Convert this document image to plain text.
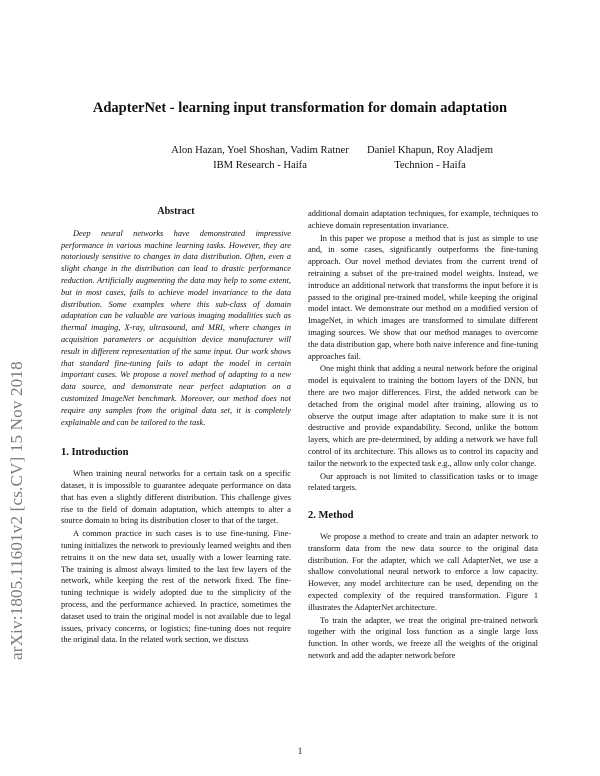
arXiv:1805.11601v2 [cs.CV] 15 Nov 2018
AdapterNet - learning input transformation for domain adaptation
Alon Hazan, Yoel Shoshan, Vadim Ratner
IBM Research - Haifa
Daniel Khapun, Roy Aladjem
Technion - Haifa
Abstract

Deep neural networks have demonstrated impressive performance in various machine learning tasks. However, they are notoriously sensitive to changes in data distribution. Often, even a slight change in the distribution can lead to drastic performance reduction. Artificially augmenting the data may help to some extent, but in most cases, fails to achieve model invariance to the data distribution. Some examples where this sub-class of domain adaptation can be valuable are various imaging modalities such as thermal imaging, X-ray, ultrasound, and MRI, where changes in acquisition parameters or acquisition device manufacturer will result in different representation of the same input. Our work shows that standard fine-tuning fails to adapt the model in certain important cases. We propose a novel method of adapting to a new data source, and demonstrate near perfect adaptation on a customized ImageNet benchmark. Moreover, our method does not require any samples from the original data set, it is completely explainable and can be tailored to the task.

1. Introduction

When training neural networks for a certain task on a specific dataset, it is impossible to guarantee adequate performance on data that has even a slightly different distribution. This challenge gives rise to the field of domain adaptation, which attempts to alter a source domain to bring its distribution closer to that of the target.

A common practice in such cases is to use fine-tuning. Fine-tuning initializes the network to previously learned weights and then retrains it on the new data set, usually with a lower learning rate. The training is almost always limited to the last few layers of the network, while keeping the rest of the network fixed. The fine-tuning technique is widely adopted due to the simplicity of the process, and the performance achieved. In practice, sometimes the dataset used to train the original model is not available due to legal issues, privacy concerns, or logistics; fine-tuning does not require the original data. In the related work section, we discuss

additional domain adaptation techniques, for example, techniques to achieve domain representation invariance.

In this paper we propose a method that is just as simple to use and, in some cases, significantly outperforms the fine-tuning approach. Our novel method deviates from the current trend of retraining a subset of the pre-trained model weights. Instead, we introduce an additional network that transforms the input before it is passed to the original pre-trained model, while keeping the original model intact. We demonstrate our method on a modified version of ImageNet, in which images are transformed to simulate different imaging sources. We show that our method manages to overcome the data distribution gap, where both naive inference and fine-tuning approaches fail.

One might think that adding a neural network before the original model is equivalent to training the bottom layers of the DNN, but there are two major differences. First, the added network can be detached from the original model after training, allowing us to observe the output image after adaptation to make sure it is not destructive and provide expandability. Second, unlike the bottom layers, which are pre-determined, by adding a network we have full control of its architecture. This allows us to control its capacity and tailor the network to the expected task e.g., allow only color change.

Our approach is not limited to classification tasks or to image related targets.

2. Method

We propose a method to create and train an adapter network to transform data from the new data source to the original data distribution. For the adapter, which we call AdapterNet, we use a shallow convolutional neural network to enforce a low capacity. However, any model architecture can be used, depending on the expected complexity of the required transformation. Figure 1 illustrates the AdapterNet architecture.

To train the adapter, we treat the original pre-trained network together with the original loss function as a single large loss function. In other words, we freeze all the weights of the original network and add the adapter network before

1
